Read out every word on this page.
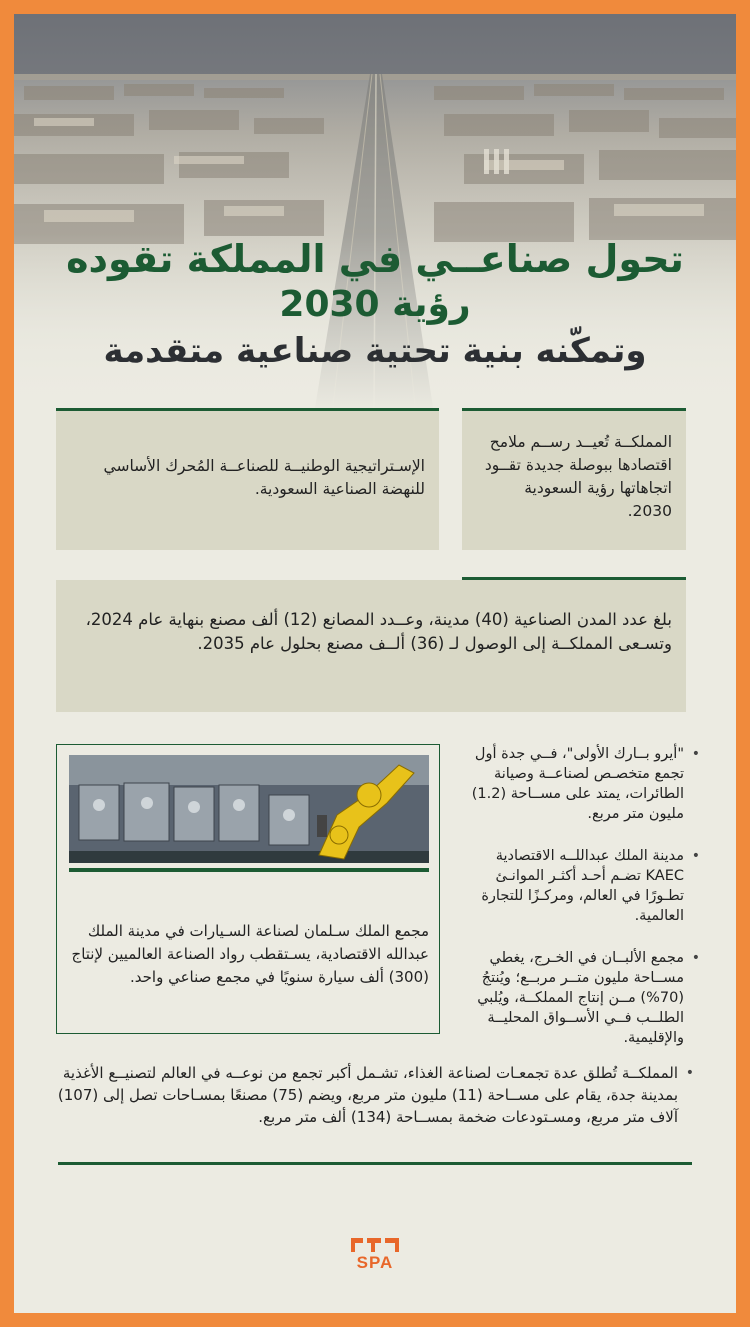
تحول صناعــي في المملكة تقوده
رؤية 2030
وتمكّنه بنية تحتية صناعية متقدمة

المملكــة تُعيــد رســم ملامح اقتصادها ببوصلة جديدة تقــود اتجاهاتها رؤية السعودية 2030.

الإسـتراتيجية الوطنيــة للصناعــة المُحرك الأساسي للنهضة الصناعية السعودية.

بلغ عدد المدن الصناعية (40) مدينة، وعــدد المصانع (12) ألف مصنع بنهاية عام 2024، وتسـعى المملكــة إلى الوصول لـ (36) ألــف مصنع بحلول عام 2035.

مجمع الملك سـلمان لصناعة السـيارات في مدينة الملك عبدالله الاقتصادية، يسـتقطب رواد الصناعة العالميين لإنتاج (300) ألف سيارة سنويًا في مجمع صناعي واحد.
•
"أيرو بــارك الأولى"، فــي جدة أول تجمع متخصـص لصناعــة وصيانة الطائرات، يمتد على مســاحة (1.2) مليون متر مربع.
•
مدينة الملك عبداللــه الاقتصادية KAEC تضـم أحـد أكثـر الموانـئ تطـورًا في العالم، ومركـزًا للتجارة العالمية.
•
مجمع الألبــان في الخـرج، يغطي مســاحة مليون متــر مربــع؛ ويُنتجُ (70%) مــن إنتاج المملكــة، ويُلبي الطلــب فــي الأســواق المحليــة والإقليمية.
•
المملكــة تُطلق عدة تجمعـات لصناعة الغذاء، تشـمل أكبر تجمع من نوعــه في العالم لتصنيــع الأغذية بمدينة جدة، يقام على مســاحة (11) مليون متر مربع، ويضم (75) مصنعًا بمسـاحات تصل إلى (107) آلاف متر مربع، ومسـتودعات ضخمة بمســاحة (134) ألف متر مربع.
SPA
